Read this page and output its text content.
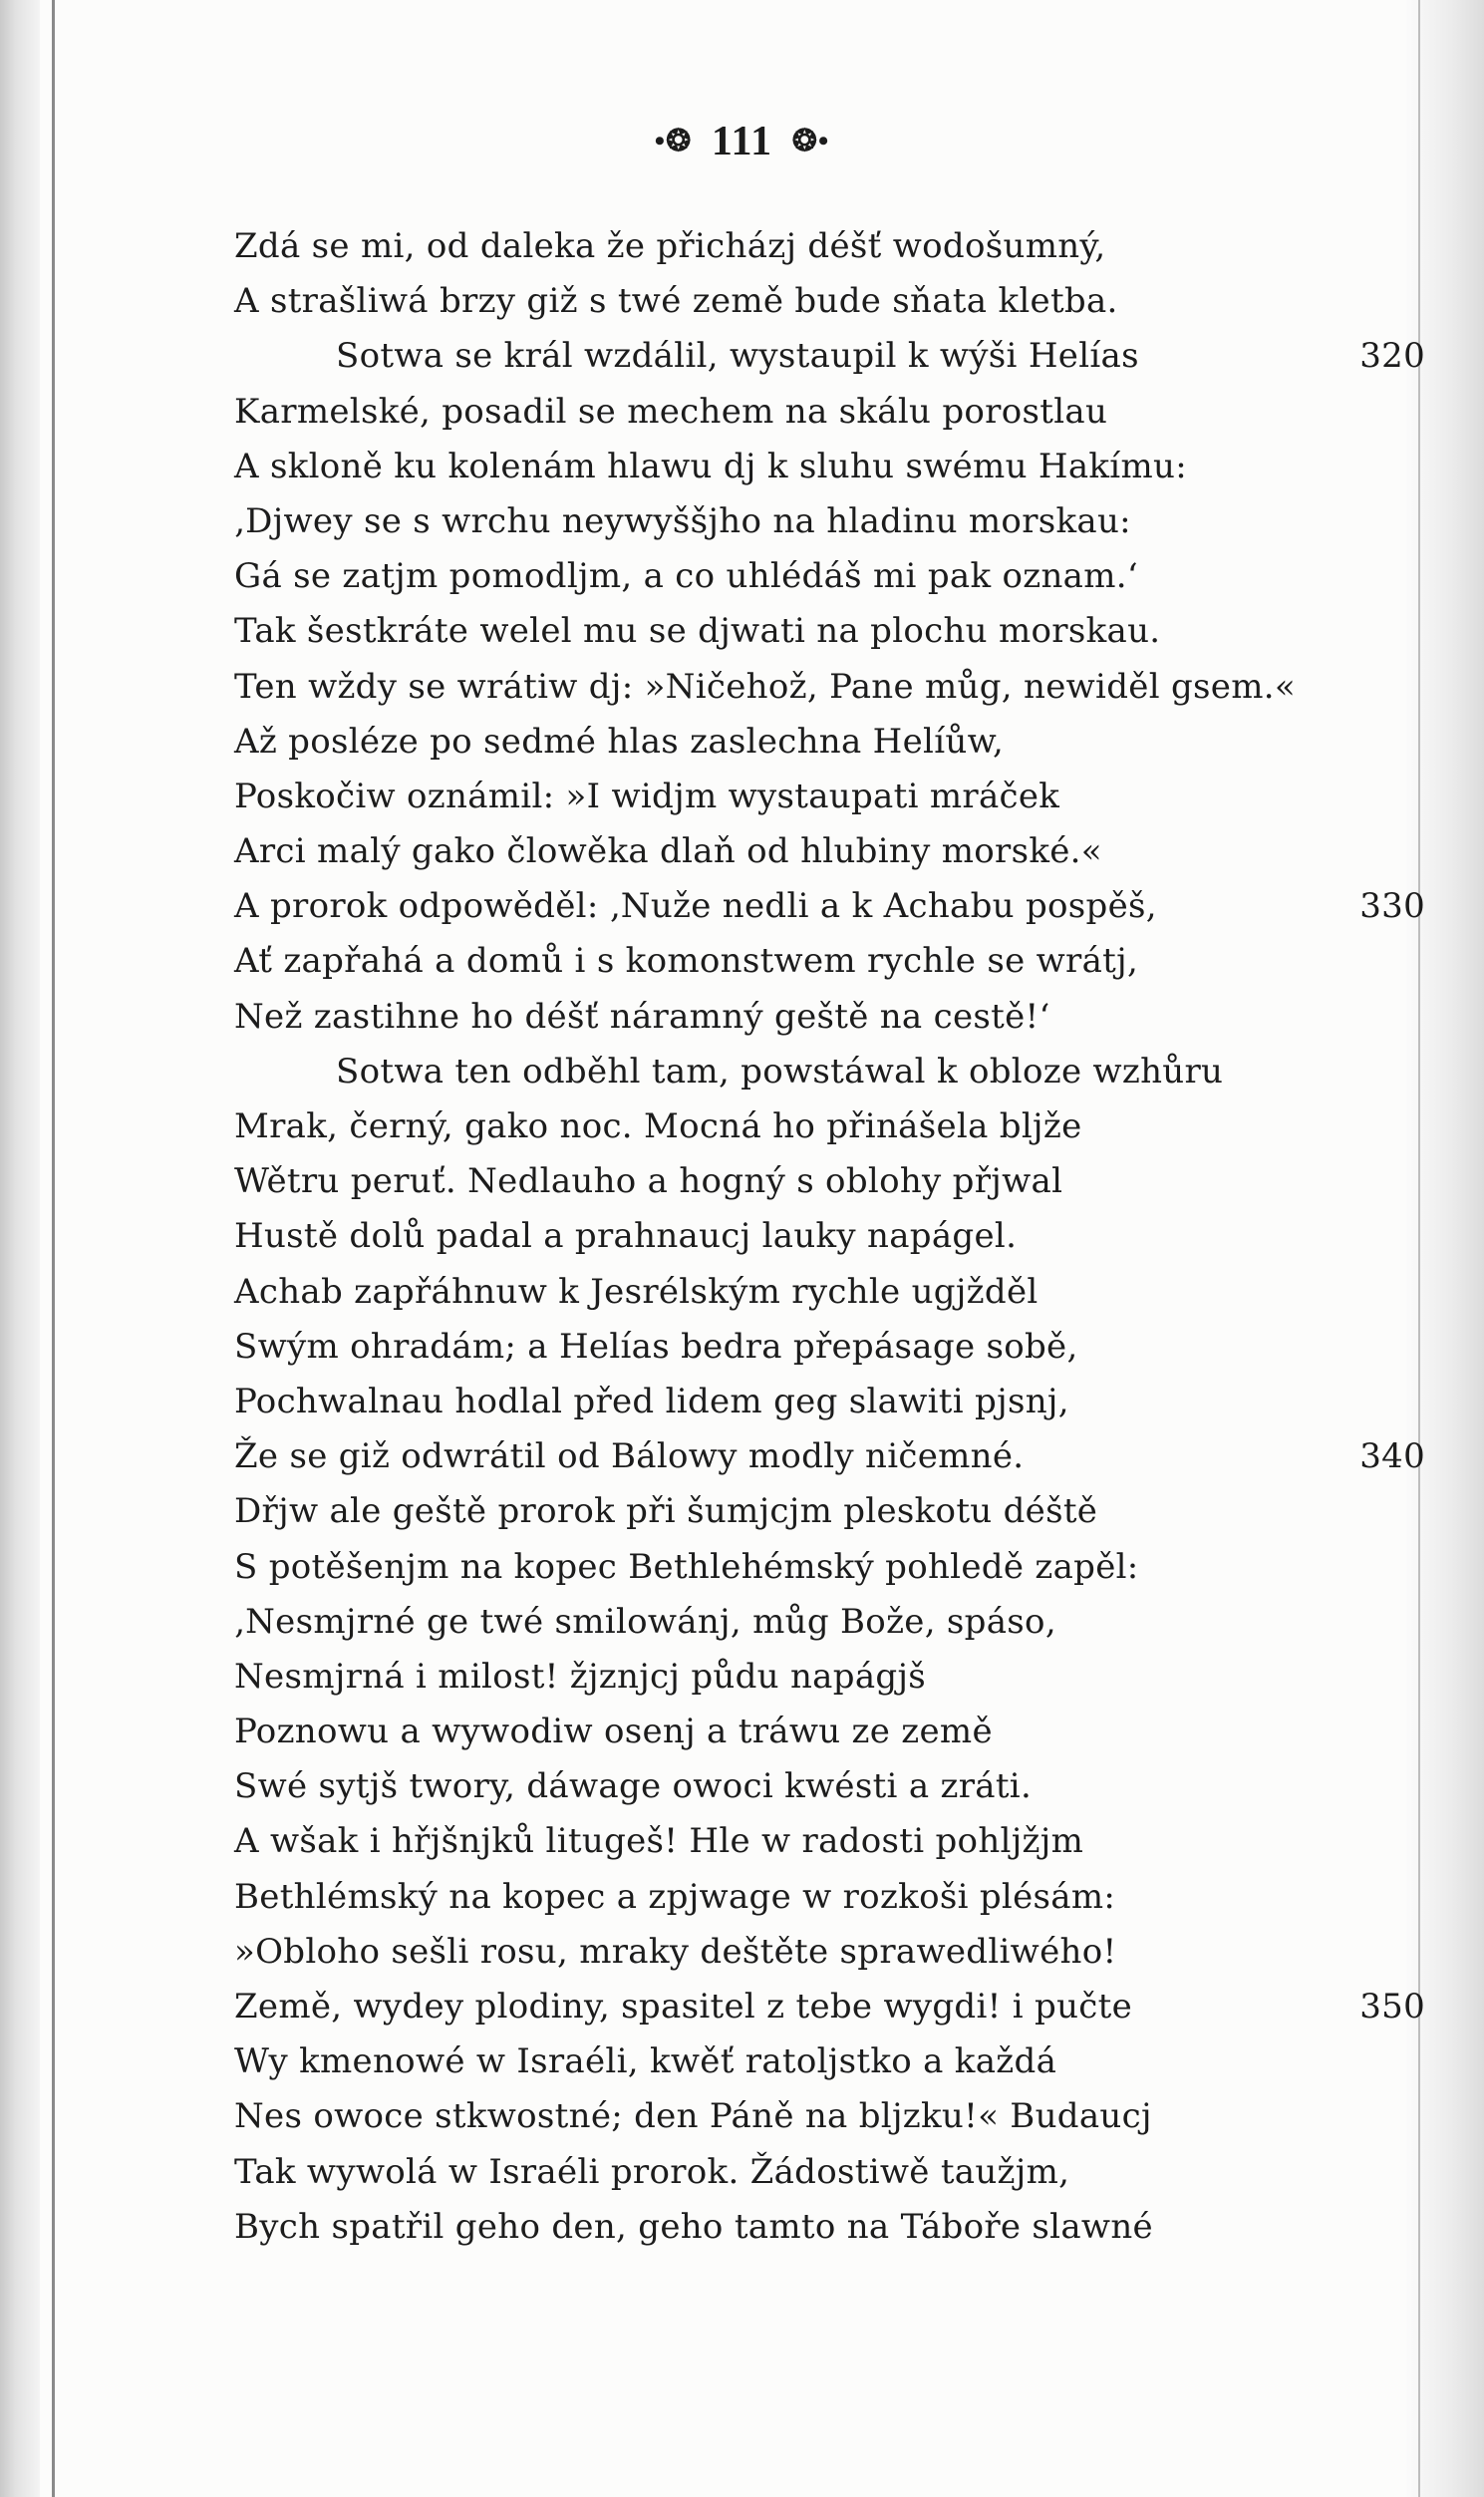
•❂ 111 ❂•
Zdá se mi, od daleka že přicházj déšť wodošumný,
A strašliwá brzy giž s twé země bude sňata kletba.
Sotwa se král wzdálil, wystaupil k wýši Helías	320
Karmelské, posadil se mechem na skálu porostlau
A skloně ku kolenám hlawu dj k sluhu swému Hakímu:
‚Djwey se s wrchu neywyššjho na hladinu morskau:
Gá se zatjm pomodljm, a co uhlédáš mi pak oznam.‘
Tak šestkráte welel mu se djwati na plochu morskau.
Ten wždy se wrátiw dj: »Ničehož, Pane můg, newiděl gsem.«
Až posléze po sedmé hlas zaslechna Helíůw,
Poskočiw oznámil: »I widjm wystaupati mráček
Arci malý gako člowěka dlaň od hlubiny morské.«
A prorok odpowěděl: ‚Nuže nedli a k Achabu pospěš,	330
Ať zapřahá a domů i s komonstwem rychle se wrátj,
Než zastihne ho déšť náramný geště na cestě!‘
Sotwa ten odběhl tam, powstáwal k obloze wzhůru
Mrak, černý, gako noc. Mocná ho přinášela bljže
Wětru peruť. Nedlauho a hogný s oblohy přjwal
Hustě dolů padal a prahnaucj lauky napágel.
Achab zapřáhnuw k Jesrélským rychle ugjžděl
Swým ohradám; a Helías bedra přepásage sobě,
Pochwalnau hodlal před lidem geg slawiti pjsnj,
Že se giž odwrátil od Bálowy modly ničemné.	340
Dřjw ale geště prorok při šumjcjm pleskotu déště
S potěšenjm na kopec Bethlehémský pohledě zapěl:
‚Nesmjrné ge twé smilowánj, můg Bože, spáso,
Nesmjrná i milost! žjznjcj půdu napágjš
Poznowu a wywodiw osenj a tráwu ze země
Swé sytjš twory, dáwage owoci kwésti a zráti.
A wšak i hřjšnjků litugeš! Hle w radosti pohljžjm
Bethlémský na kopec a zpjwage w rozkoši plésám:
»Obloho sešli rosu, mraky deštěte sprawedliwého!
Země, wydey plodiny, spasitel z tebe wygdi! i pučte	350
Wy kmenowé w Israéli, kwěť ratoljstko a každá
Nes owoce stkwostné; den Páně na bljzku!« Budaucj
Tak wywolá w Israéli prorok. Žádostiwě taužjm,
Bych spatřil geho den, geho tamto na Táboře slawné
